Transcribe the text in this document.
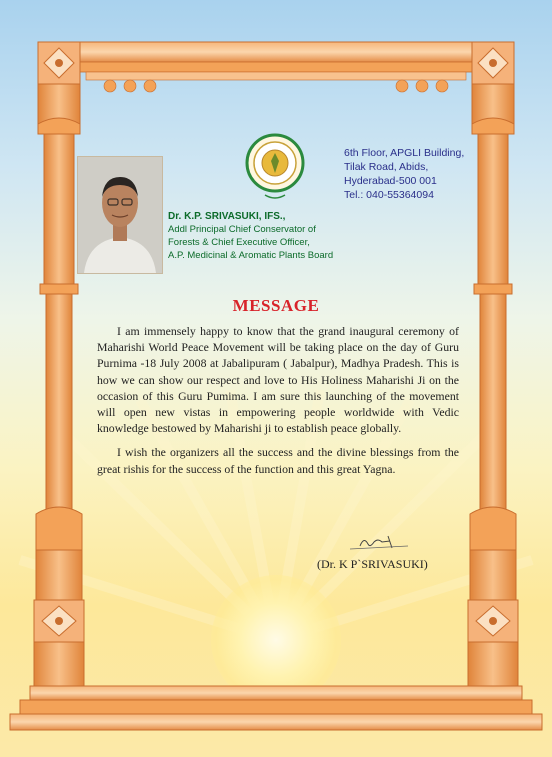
6th Floor, APGLI Building,
Tilak Road, Abids,
Hyderabad-500 001
Tel.: 040-55364094
Dr. K.P. SRIVASUKI, IFS.,
Addl Principal Chief Conservator of
Forests & Chief Executive Officer,
A.P. Medicinal & Aromatic Plants Board
MESSAGE

I am immensely happy to know that the grand inaugural ceremony of Maharishi World Peace Movement will be taking place on the day of Guru Purnima -18 July 2008 at Jabalipuram ( Jabalpur), Madhya Pradesh. This is how we can show our respect and love to His Holiness Maharishi Ji on the occasion of this Guru Pumima. I am sure this launching of the movement will open new vistas in empowering people worldwide with Vedic knowledge bestowed by Maharishi ji to establish peace globally.

I wish the organizers all the success and the divine blessings from the great rishis for the success of the function and this great Yagna.

(Dr. K P`SRIVASUKI)
